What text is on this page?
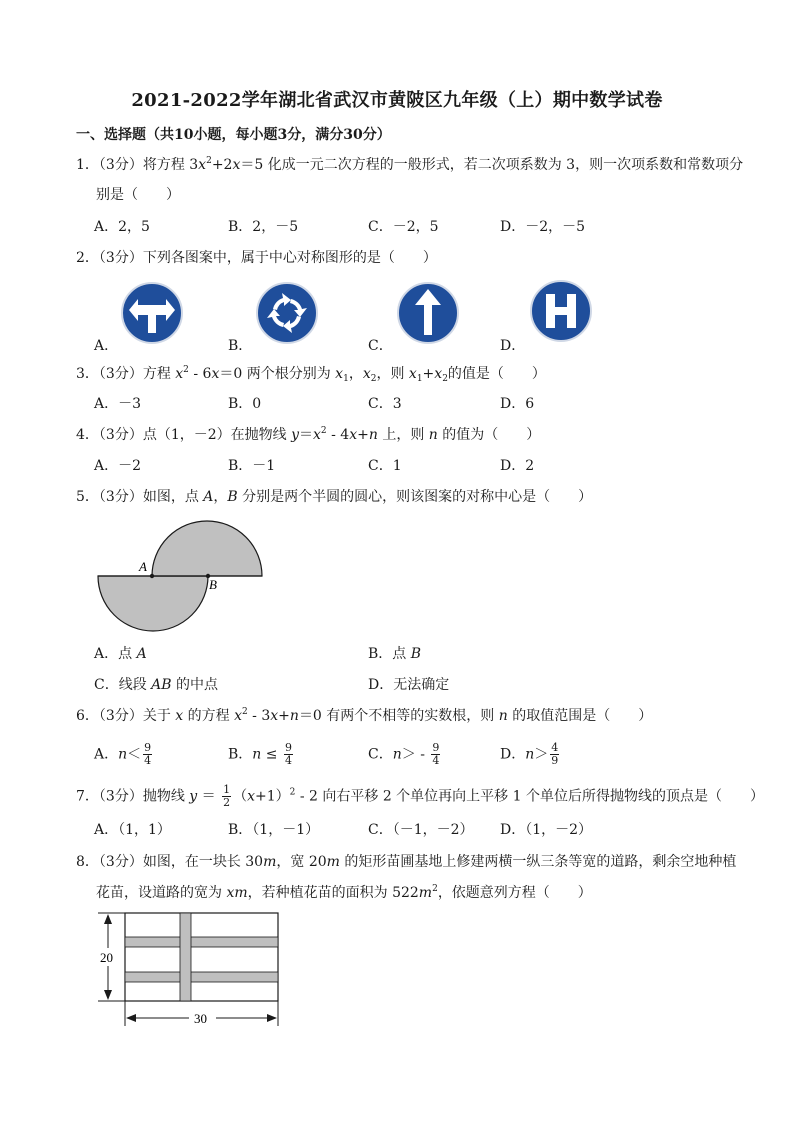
2021-2022学年湖北省武汉市黄陂区九年级（上）期中数学试卷
一、选择题（共10小题，每小题3分，满分30分）
1．（3分）将方程 $3x^2+2x=5$ 化成一元二次方程的一般形式，若二次项系数为 3，则一次项系数和常数项分
别是（　　）
A．2，5	B．2，－5	C．－2，5	D．－2，－5
2．（3分）下列各图案中，属于中心对称图形的是（　　）
A．	B．	C．	D．
3．（3分）方程 $x^2 - 6x=0$ 两个根分别为 $x_1$，$x_2$，则 $x_1+x_2$的值是（　　）
A．－3	B．0	C．3	D．6
4．（3分）点（1，－2）在抛物线 $y=x^2 - 4x+n$ 上，则 n 的值为（　　）
A．－2	B．－1	C．1	D．2
5．（3分）如图，点 A，B 分别是两个半圆的圆心，则该图案的对称中心是（　　）
A
B
A．点 A	B．点 B
C．线段 AB 的中点	D．无法确定
6．（3分）关于 x 的方程 $x^2 - 3x+n=0$ 有两个不相等的实数根，则 n 的取值范围是（　　）
A．$n< \frac{9}{4}$	B．$n \le \frac{9}{4}$	C．$n> - \frac{9}{4}$	D．$n> \frac{4}{9}$
7．（3分）抛物线 $y = \frac{1}{2} (x+1)^2 - 2$ 向右平移 2 个单位再向上平移 1 个单位后所得抛物线的顶点是（　　）
A．（1，1）	B．（1，－1）	C．（－1，－2） D．（1，－2）
8．（3分）如图，在一块长 30m，宽 20m 的矩形苗圃基地上修建两横一纵三条等宽的道路，剩余空地种植
花苗，设道路的宽为 xm，若种植花苗的面积为 $522m^2$，依题意列方程（　　）
20
30
